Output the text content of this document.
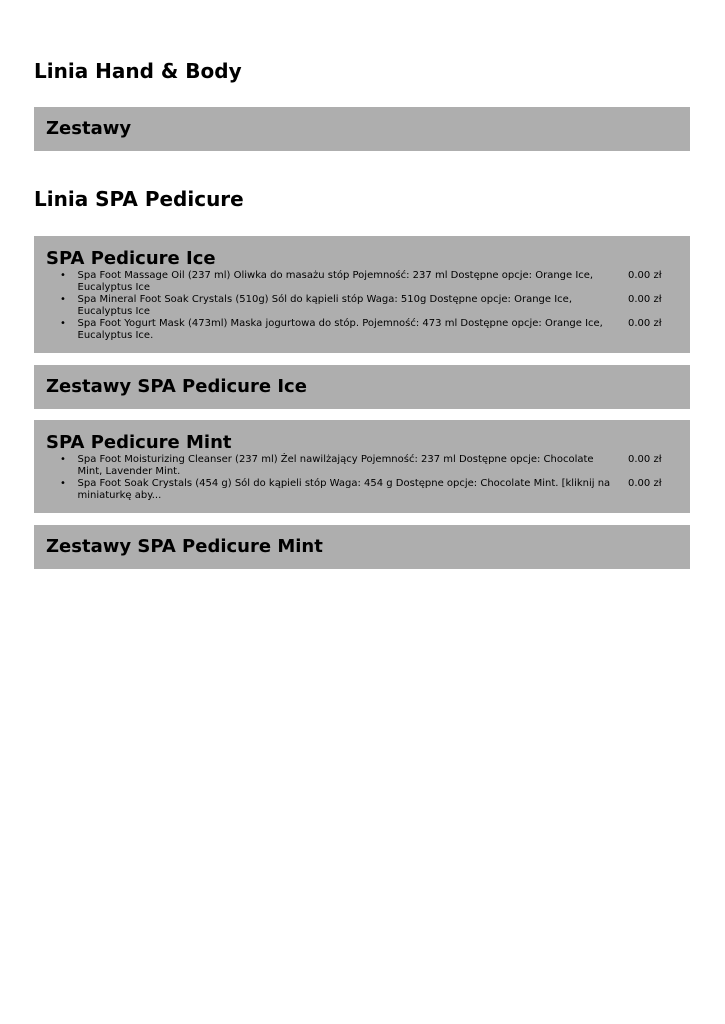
Linia Hand & Body
Zestawy
Linia SPA Pedicure
SPA Pedicure Ice
•	Spa Foot Massage Oil (237 ml) Oliwka do masażu stóp Pojemność: 237 ml Dostępne opcje: Orange Ice, Eucalyptus Ice
0.00 zł
•	Spa Mineral Foot Soak Crystals (510g) Sól do kąpieli stóp Waga: 510g Dostępne opcje: Orange Ice, Eucalyptus Ice
0.00 zł
•	Spa Foot Yogurt Mask (473ml) Maska jogurtowa do stóp. Pojemność: 473 ml Dostępne opcje: Orange Ice, Eucalyptus Ice.
0.00 zł
Zestawy SPA Pedicure Ice
SPA Pedicure Mint
•	Spa Foot Moisturizing Cleanser (237 ml) Żel nawilżający Pojemność: 237 ml Dostępne opcje: Chocolate Mint, Lavender Mint.
0.00 zł
•	Spa Foot Soak Crystals (454 g) Sól do kąpieli stóp Waga: 454 g Dostępne opcje: Chocolate Mint. [kliknij na miniaturkę aby...
0.00 zł
Zestawy SPA Pedicure Mint
